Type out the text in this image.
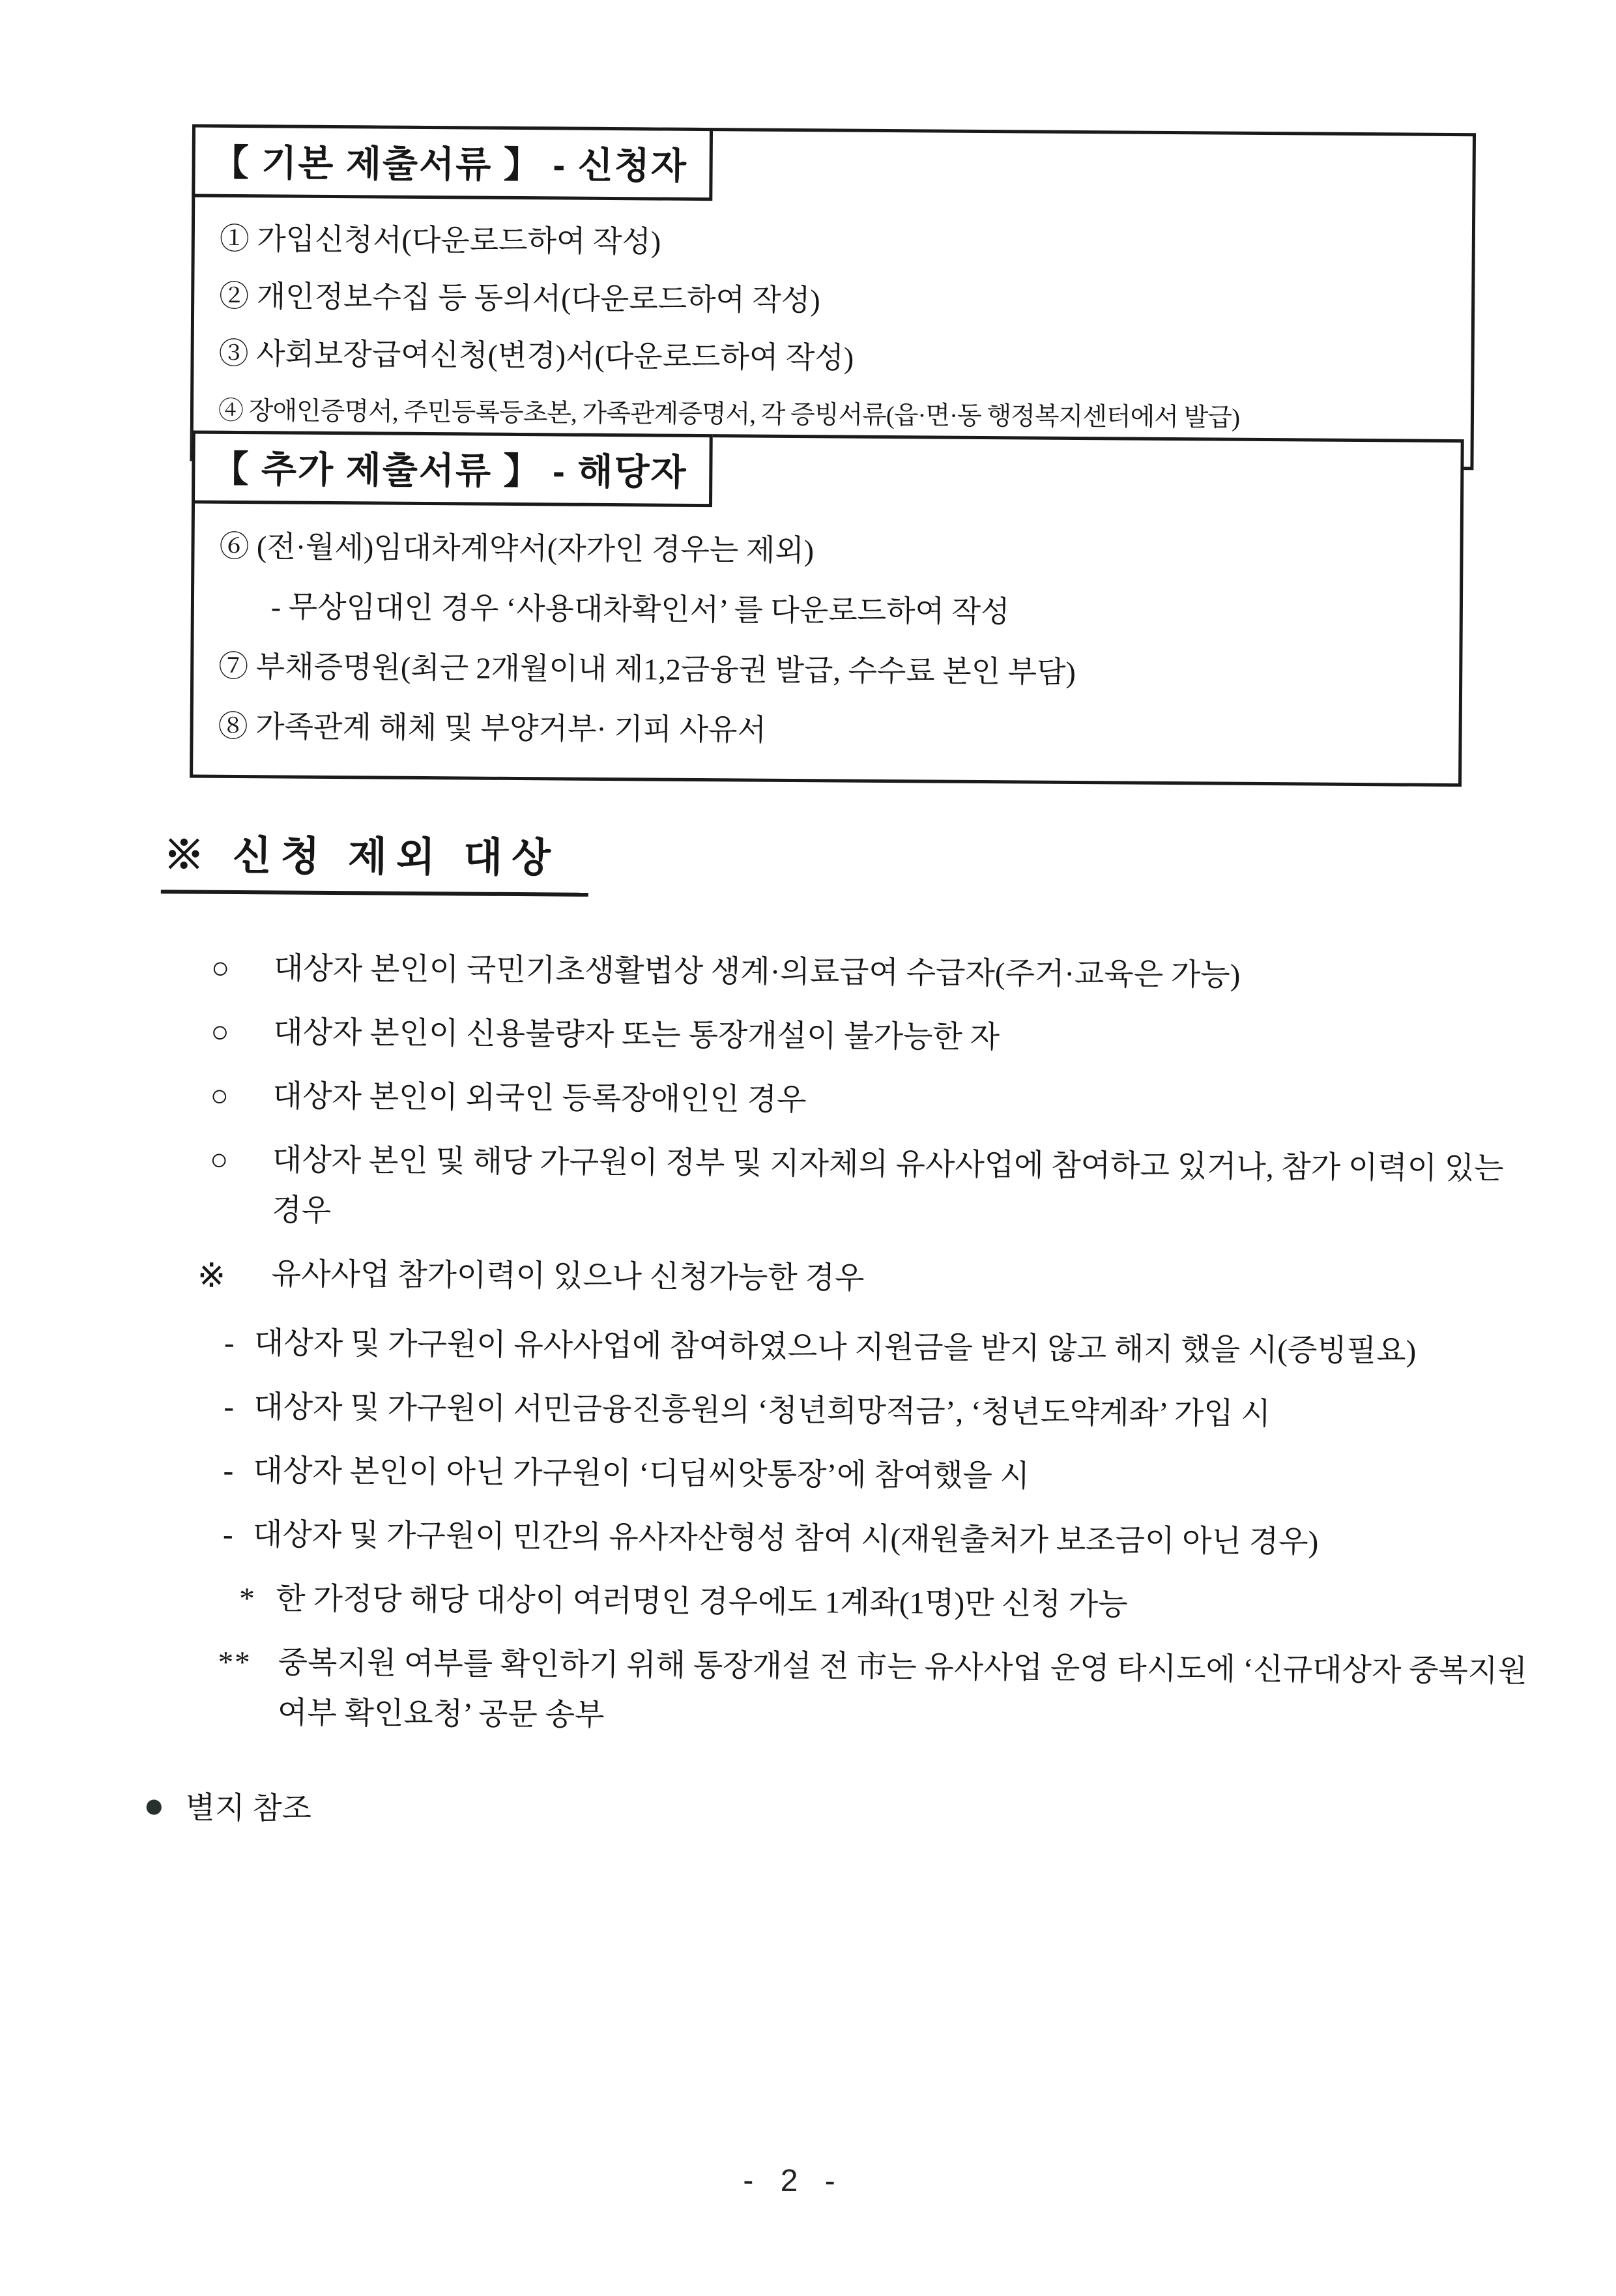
【 기본 제출서류 】 - 신청자
① 가입신청서(다운로드하여 작성)
② 개인정보수집 등 동의서(다운로드하여 작성)
③ 사회보장급여신청(변경)서(다운로드하여 작성)
④ 장애인증명서, 주민등록등초본, 가족관계증명서, 각 증빙서류(읍·면·동 행정복지센터에서 발급)
【 추가 제출서류 】 - 해당자
⑥ (전·월세)임대차계약서(자가인 경우는 제외)
- 무상임대인 경우 ‘사용대차확인서’ 를 다운로드하여 작성
⑦ 부채증명원(최근 2개월이내 제1,2금융권 발급, 수수료 본인 부담)
⑧ 가족관계 해체 및 부양거부· 기피 사유서
※ 신청 제외 대상
○	대상자 본인이 국민기초생활법상 생계·의료급여 수급자(주거·교육은 가능)
○	대상자 본인이 신용불량자 또는 통장개설이 불가능한 자
○	대상자 본인이 외국인 등록장애인인 경우
○	대상자 본인 및 해당 가구원이 정부 및 지자체의 유사사업에 참여하고 있거나, 참가 이력이 있는 경우
※	유사사업 참가이력이 있으나 신청가능한 경우
- 대상자 및 가구원이 유사사업에 참여하였으나 지원금을 받지 않고 해지 했을 시(증빙필요)
- 대상자 및 가구원이 서민금융진흥원의 ‘청년희망적금’, ‘청년도약계좌’ 가입 시
- 대상자 본인이 아닌 가구원이 ‘디딤씨앗통장’에 참여했을 시
- 대상자 및 가구원이 민간의 유사자산형성 참여 시(재원출처가 보조금이 아닌 경우)
* 한 가정당 해당 대상이 여러명인 경우에도 1계좌(1명)만 신청 가능
** 중복지원 여부를 확인하기 위해 통장개설 전 市는 유사사업 운영 타시도에 ‘신규대상자 중복지원여부 확인요청’ 공문 송부
● 별지 참조
- 2 -
